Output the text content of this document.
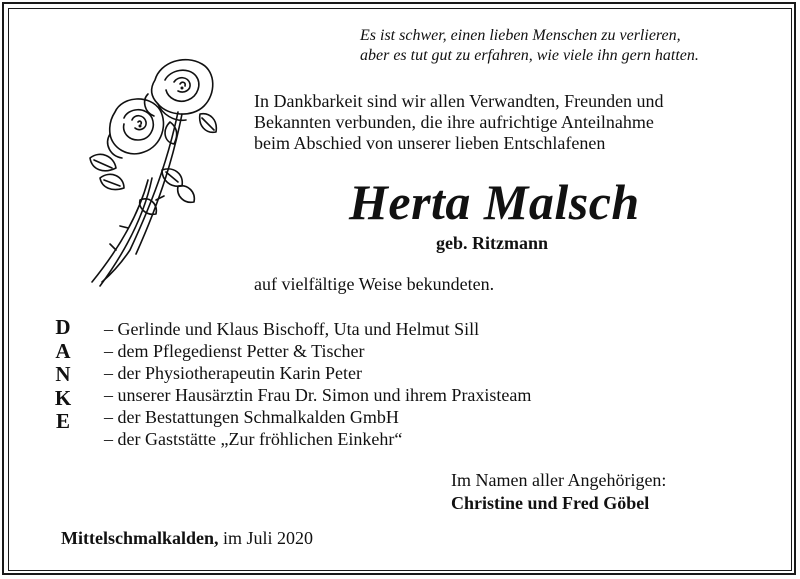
Es ist schwer, einen lieben Menschen zu verlieren,
aber es tut gut zu erfahren, wie viele ihn gern hatten.
In Dankbarkeit sind wir allen Verwandten, Freunden und
Bekannten verbunden, die ihre aufrichtige Anteilnahme
beim Abschied von unserer lieben Entschlafenen
Herta Malsch
geb. Ritzmann
auf vielfältige Weise bekundeten.
D
A
N
K
E
– Gerlinde und Klaus Bischoff, Uta und Helmut Sill
– dem Pflegedienst Petter & Tischer
– der Physiotherapeutin Karin Peter
– unserer Hausärztin Frau Dr. Simon und ihrem Praxisteam
– der Bestattungen Schmalkalden GmbH
– der Gaststätte „Zur fröhlichen Einkehr“
Im Namen aller Angehörigen:
Christine und Fred Göbel
Mittelschmalkalden, im Juli 2020
